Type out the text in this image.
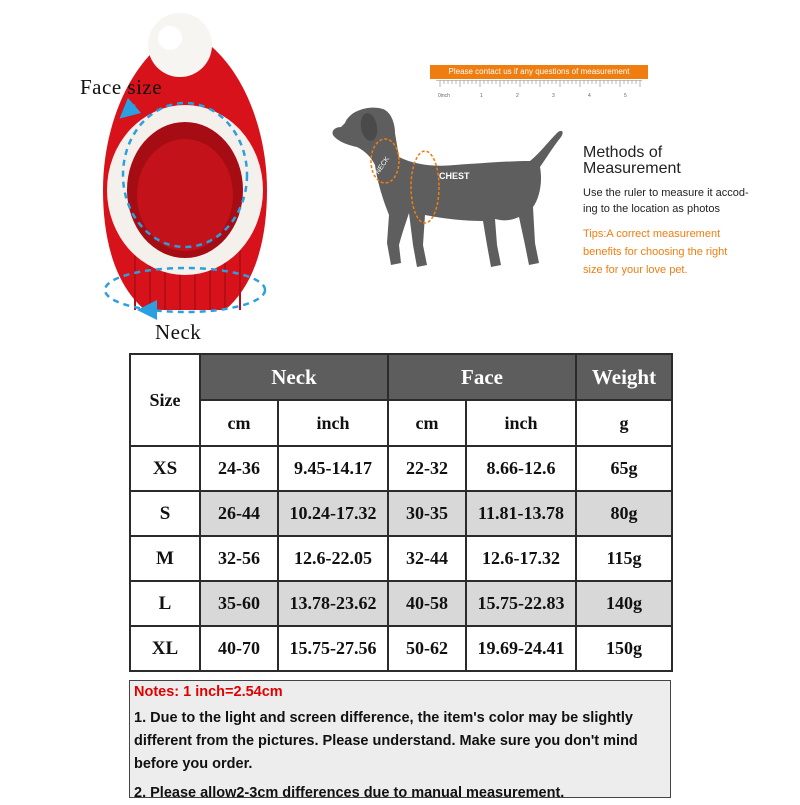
Face size
Neck
Please contact us if any questions of measurement
0inch	1	2	3	4	5
NECK
CHEST
Methods of
Measurement
Use the ruler to measure it accod-
ing to the location as photos
Tips:A correct measurement
benefits for choosing the right
size for your love pet.
Size	Neck		Face		Weight
	cm	inch	cm	inch	g
XS	24-36	9.45-14.17	22-32	8.66-12.6	65g
S	26-44	10.24-17.32	30-35	11.81-13.78	80g
M	32-56	12.6-22.05	32-44	12.6-17.32	115g
L	35-60	13.78-23.62	40-58	15.75-22.83	140g
XL	40-70	15.75-27.56	50-62	19.69-24.41	150g
Notes: 1 inch=2.54cm

1. Due to the light and screen difference, the item's color may be slightly different from the pictures. Please understand. Make sure you don't mind before you order.

2. Please allow2-3cm differences due to manual measurement.
